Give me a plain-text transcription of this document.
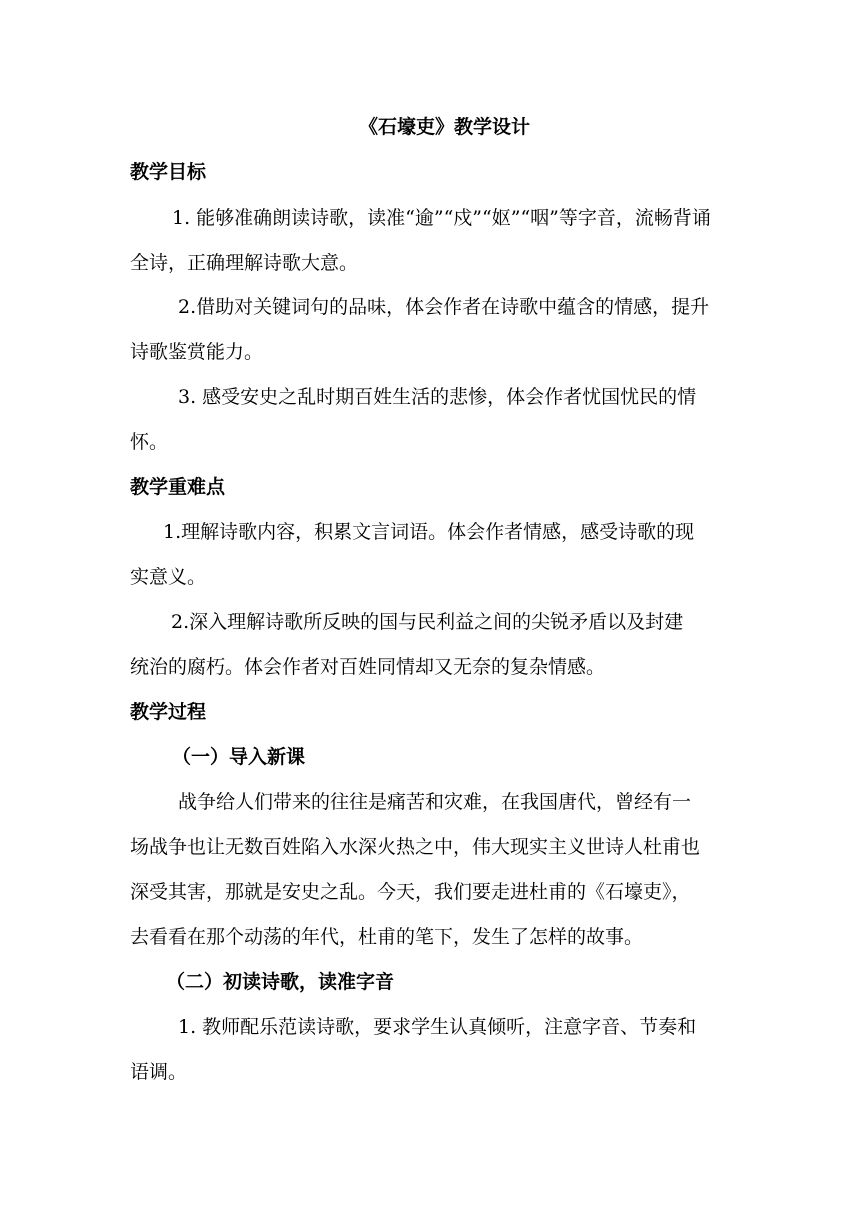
《石壕吏》教学设计
教学目标
1. 能够准确朗读诗歌，读准“逾”“戍”“妪”“咽”等字音，流畅背诵
全诗，正确理解诗歌大意。
2.借助对关键词句的品味，体会作者在诗歌中蕴含的情感，提升
诗歌鉴赏能力。
3. 感受安史之乱时期百姓生活的悲惨，体会作者忧国忧民的情
怀。
教学重难点
1.理解诗歌内容，积累文言词语。体会作者情感，感受诗歌的现
实意义。
2.深入理解诗歌所反映的国与民利益之间的尖锐矛盾以及封建
统治的腐朽。体会作者对百姓同情却又无奈的复杂情感。
教学过程
（一）导入新课
战争给人们带来的往往是痛苦和灾难，在我国唐代，曾经有一
场战争也让无数百姓陷入水深火热之中，伟大现实主义世诗人杜甫也
深受其害，那就是安史之乱。今天，我们要走进杜甫的《石壕吏》，
去看看在那个动荡的年代，杜甫的笔下，发生了怎样的故事。
（二）初读诗歌，读准字音
1. 教师配乐范读诗歌，要求学生认真倾听，注意字音、节奏和
语调。
